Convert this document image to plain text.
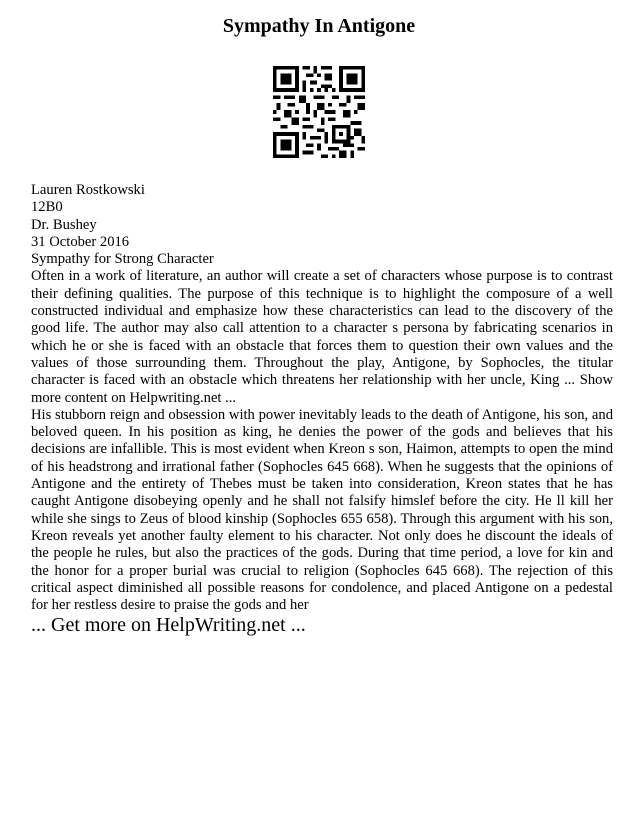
Sympathy In Antigone
Lauren Rostkowski
12B0
Dr. Bushey
31 October 2016
Sympathy for Strong Character

Often in a work of literature, an author will create a set of characters whose purpose is to contrast their defining qualities. The purpose of this technique is to highlight the composure of a well constructed individual and emphasize how these characteristics can lead to the discovery of the good life. The author may also call attention to a character s persona by fabricating scenarios in which he or she is faced with an obstacle that forces them to question their own values and the values of those surrounding them. Throughout the play, Antigone, by Sophocles, the titular character is faced with an obstacle which threatens her relationship with her uncle, King ... Show more content on Helpwriting.net ...

His stubborn reign and obsession with power inevitably leads to the death of Antigone, his son, and beloved queen. In his position as king, he denies the power of the gods and believes that his decisions are infallible. This is most evident when Kreon s son, Haimon, attempts to open the mind of his headstrong and irrational father (Sophocles 645 668). When he suggests that the opinions of Antigone and the entirety of Thebes must be taken into consideration, Kreon states that he has caught Antigone disobeying openly and he shall not falsify himslef before the city. He ll kill her while she sings to Zeus of blood kinship (Sophocles 655 658). Through this argument with his son, Kreon reveals yet another faulty element to his character. Not only does he discount the ideals of the people he rules, but also the practices of the gods. During that time period, a love for kin and the honor for a proper burial was crucial to religion (Sophocles 645 668). The rejection of this critical aspect diminished all possible reasons for condolence, and placed Antigone on a pedestal for her restless desire to praise the gods and her

... Get more on HelpWriting.net ...
